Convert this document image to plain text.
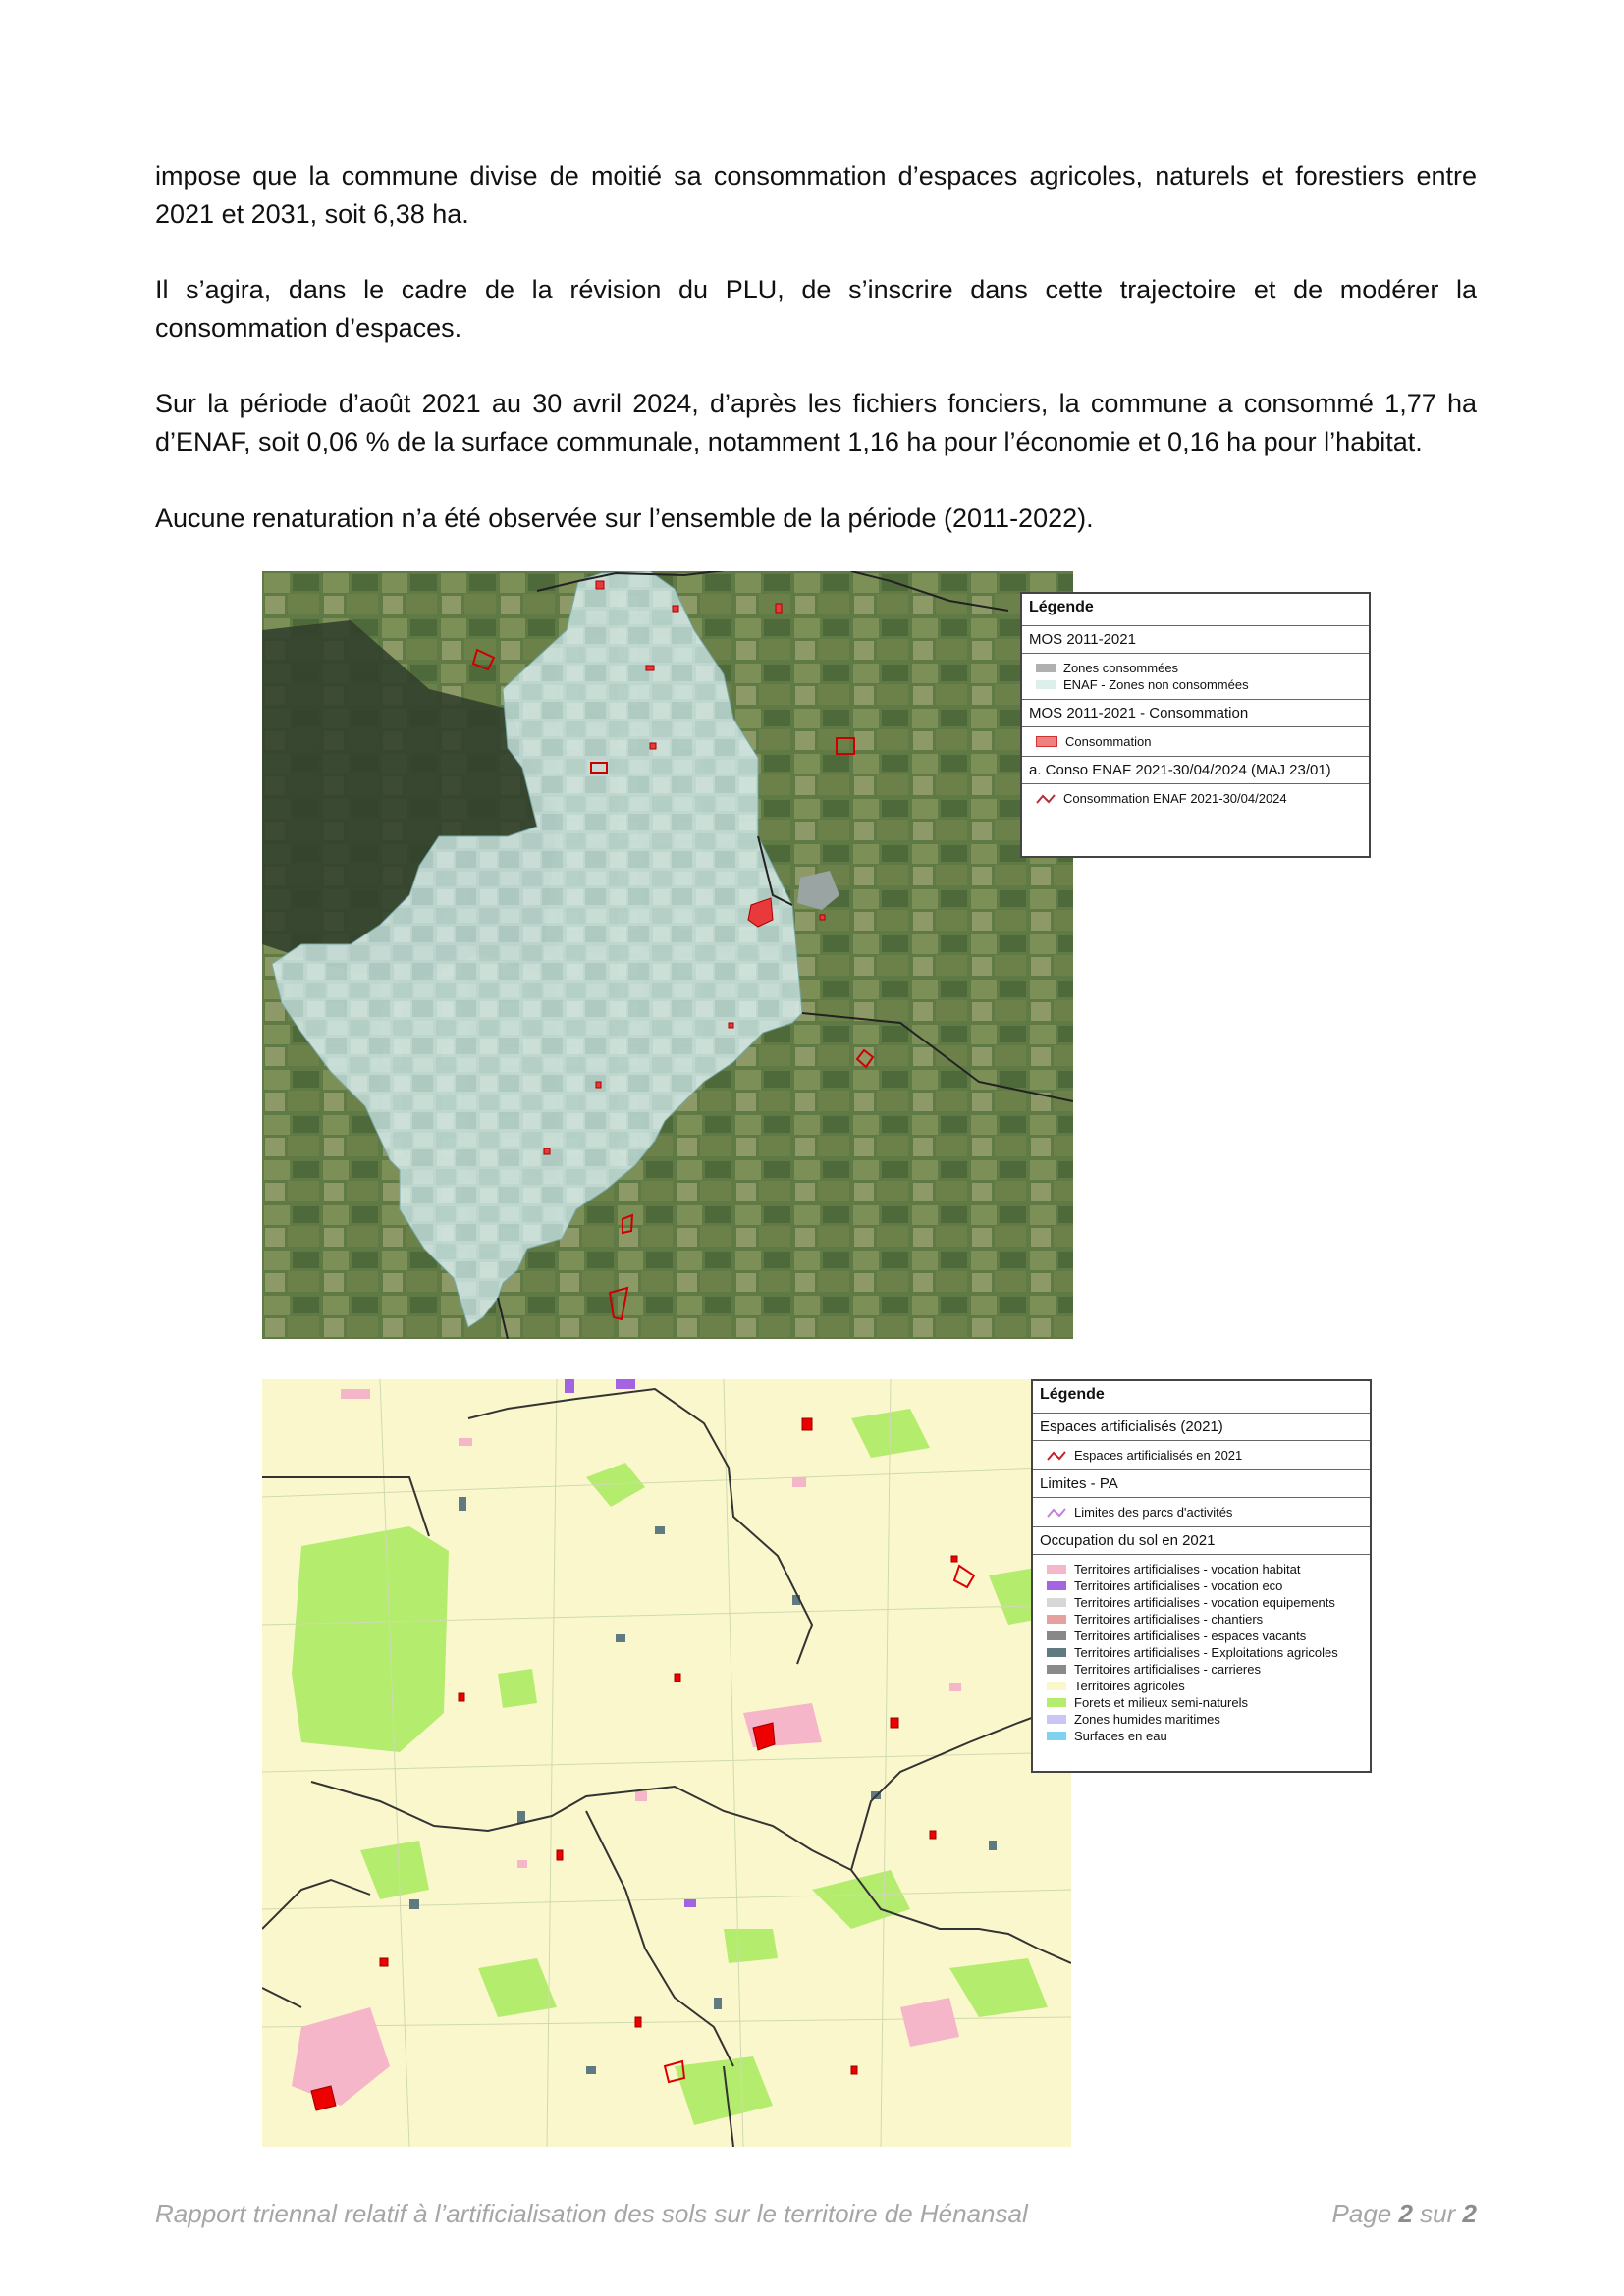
impose que la commune divise de moitié sa consommation d’espaces agricoles, naturels et forestiers entre 2021 et 2031, soit 6,38 ha.

Il s’agira, dans le cadre de la révision du PLU, de s’inscrire dans cette trajectoire et de modérer la consommation d’espaces.

Sur la période d’août 2021 au 30 avril 2024, d’après les fichiers fonciers, la commune a consommé 1,77 ha d’ENAF, soit 0,06 % de la surface communale, notamment 1,16 ha pour l’économie et 0,16 ha pour l’habitat.

Aucune renaturation n’a été observée sur l’ensemble de la période (2011-2022).

Légende
MOS 2011-2021
Zones consommées
ENAF - Zones non consommées
MOS 2011-2021 - Consommation
Consommation
a. Conso ENAF 2021-30/04/2024 (MAJ 23/01)
Consommation ENAF 2021-30/04/2024
Légende
Espaces artificialisés (2021)
Espaces artificialisés en 2021
Limites - PA
Limites des parcs d'activités
Occupation du sol en 2021
Territoires artificialises - vocation habitat
Territoires artificialises - vocation eco
Territoires artificialises - vocation equipements
Territoires artificialises - chantiers
Territoires artificialises - espaces vacants
Territoires artificialises - Exploitations agricoles
Territoires artificialises - carrieres
Territoires agricoles
Forets et milieux semi-naturels
Zones humides maritimes
Surfaces en eau
Rapport triennal relatif à l’artificialisation des sols sur le territoire de Hénansal	Page 2 sur 2
